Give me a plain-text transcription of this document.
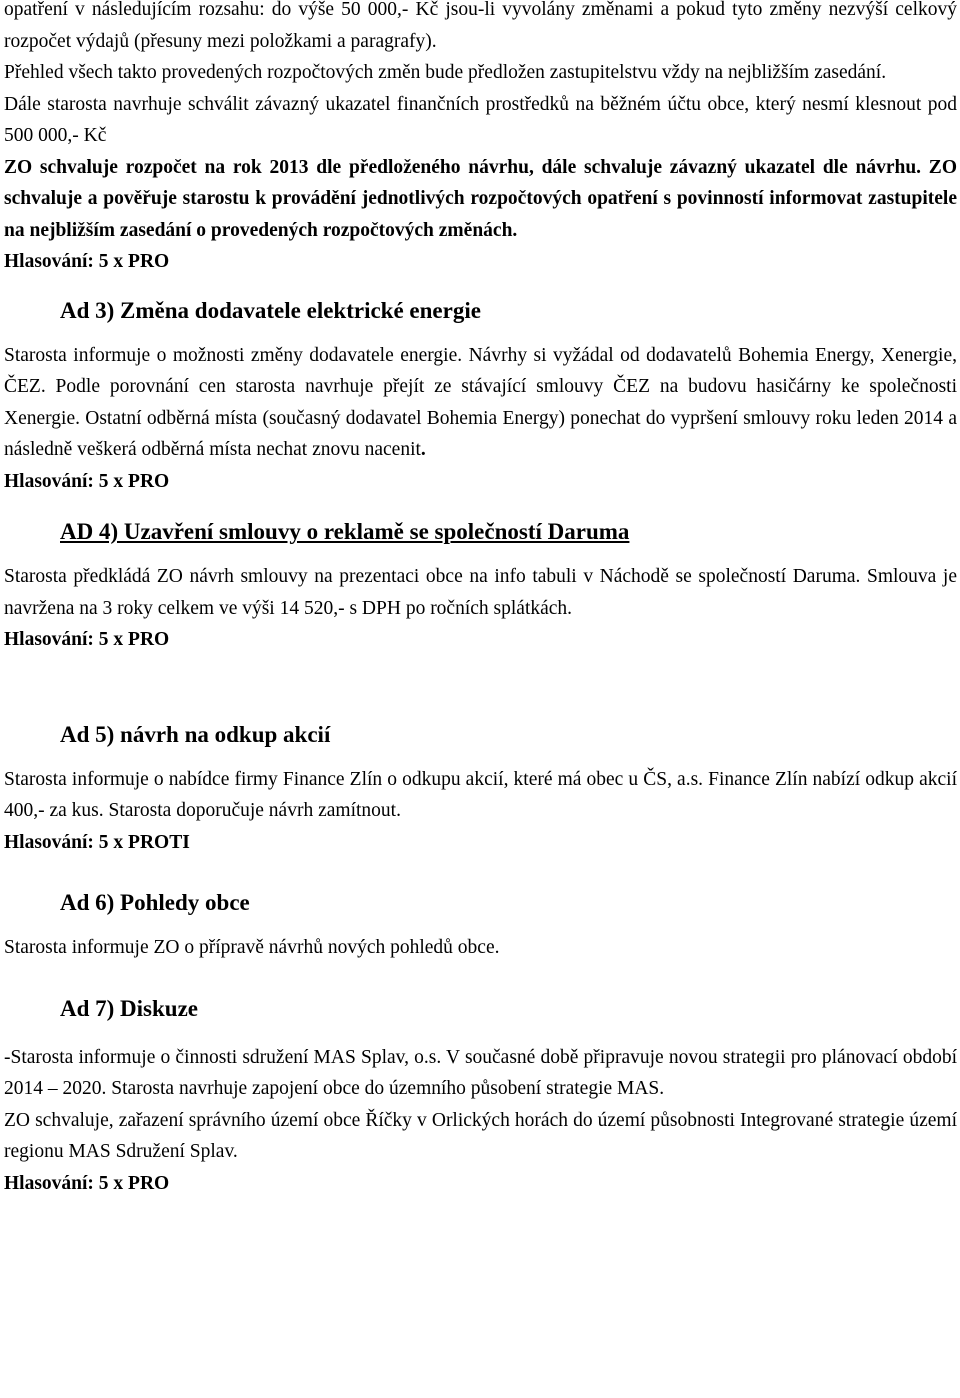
opatření v následujícím rozsahu: do výše 50 000,- Kč jsou-li vyvolány změnami a pokud tyto změny nezvýší celkový rozpočet výdajů (přesuny mezi položkami a paragrafy).

Přehled všech takto provedených rozpočtových změn bude předložen zastupitelstvu vždy na nejbližším zasedání.

Dále starosta navrhuje schválit závazný ukazatel finančních prostředků na běžném účtu obce, který nesmí klesnout pod 500 000,- Kč

ZO schvaluje rozpočet na rok 2013 dle předloženého návrhu, dále schvaluje závazný ukazatel dle návrhu. ZO schvaluje a pověřuje starostu k provádění jednotlivých rozpočtových opatření s povinností informovat zastupitele na nejbližším zasedání o provedených rozpočtových změnách.

Hlasování: 5 x PRO

Ad 3) Změna dodavatele elektrické energie

Starosta informuje o možnosti změny dodavatele energie. Návrhy si vyžádal od dodavatelů Bohemia Energy, Xenergie, ČEZ. Podle porovnání cen starosta navrhuje přejít ze stávající smlouvy ČEZ na budovu hasičárny ke společnosti Xenergie. Ostatní odběrná místa (současný dodavatel Bohemia Energy) ponechat do vypršení smlouvy roku leden 2014 a následně veškerá odběrná místa nechat znovu nacenit.

Hlasování: 5 x PRO

AD 4) Uzavření smlouvy o reklamě se společností Daruma

Starosta předkládá ZO návrh smlouvy na prezentaci obce na info tabuli v Náchodě se společností Daruma. Smlouva je navržena na 3 roky celkem ve výši 14 520,- s DPH po ročních splátkách.

Hlasování: 5 x PRO

Ad 5) návrh na odkup akcií

Starosta informuje o nabídce firmy Finance Zlín o odkupu akcií, které má obec u ČS, a.s. Finance Zlín nabízí odkup akcií 400,- za kus. Starosta doporučuje návrh zamítnout.

Hlasování: 5 x PROTI

Ad 6) Pohledy obce

Starosta informuje ZO o přípravě návrhů nových pohledů obce.

Ad 7) Diskuze

-Starosta informuje o činnosti sdružení MAS Splav, o.s. V současné době připravuje novou strategii pro plánovací období 2014 – 2020. Starosta navrhuje zapojení obce do územního působení strategie MAS.

ZO schvaluje, zařazení správního území obce Říčky v Orlických horách do území působnosti Integrované strategie území regionu MAS Sdružení Splav.

Hlasování: 5 x PRO
